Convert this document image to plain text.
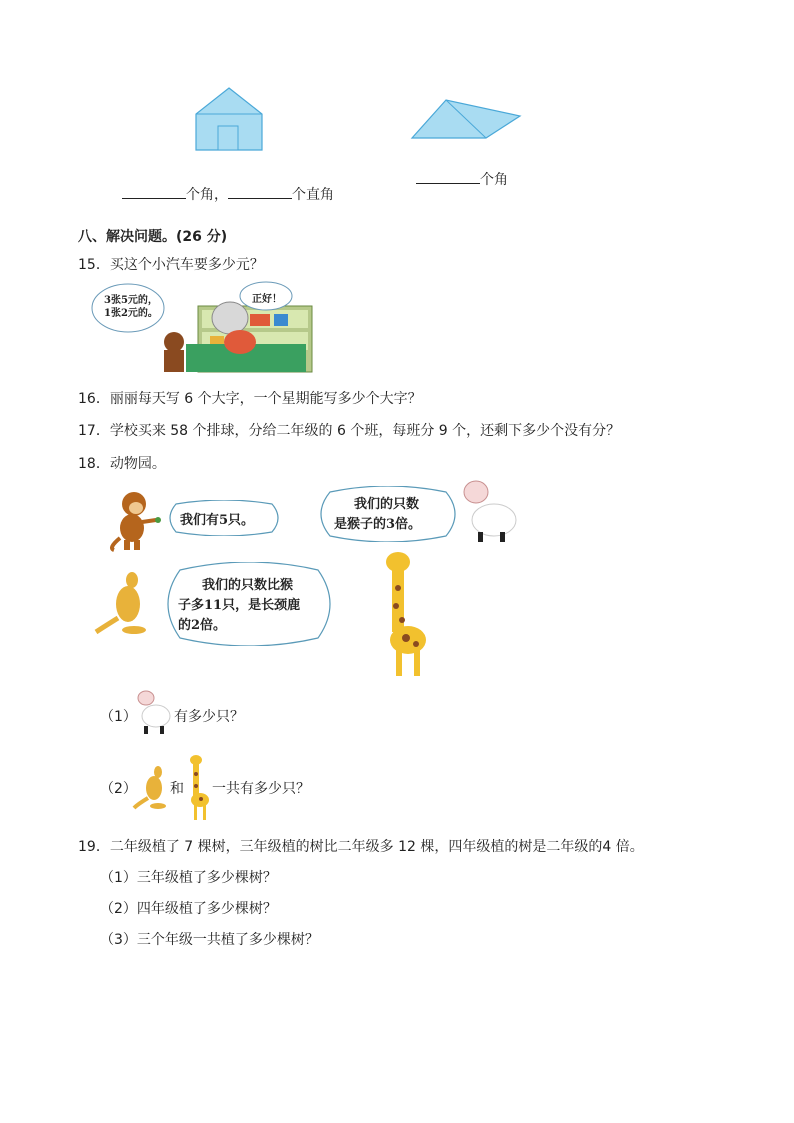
个角，	个直角
个角
八、解决问题。(26 分)
15．买这个小汽车要多少元？
3张5元的，
1张2元的。
正好！
16．丽丽每天写 6 个大字，一个星期能写多少个大字？
17．学校买来 58 个排球，分给二年级的 6 个班，每班分 9 个，还剩下多少个没有分？
18．动物园。
我们有5只。
我们的只数
是猴子的3倍。
我们的只数比猴
子多11只，是长颈鹿
的2倍。
（1）	有多少只？
（2） 和 一共有多少只？
19．二年级植了 7 棵树，三年级植的树比二年级多 12 棵，四年级植的树是二年级的4 倍。
（1）三年级植了多少棵树？
（2）四年级植了多少棵树？
（3）三个年级一共植了多少棵树？
